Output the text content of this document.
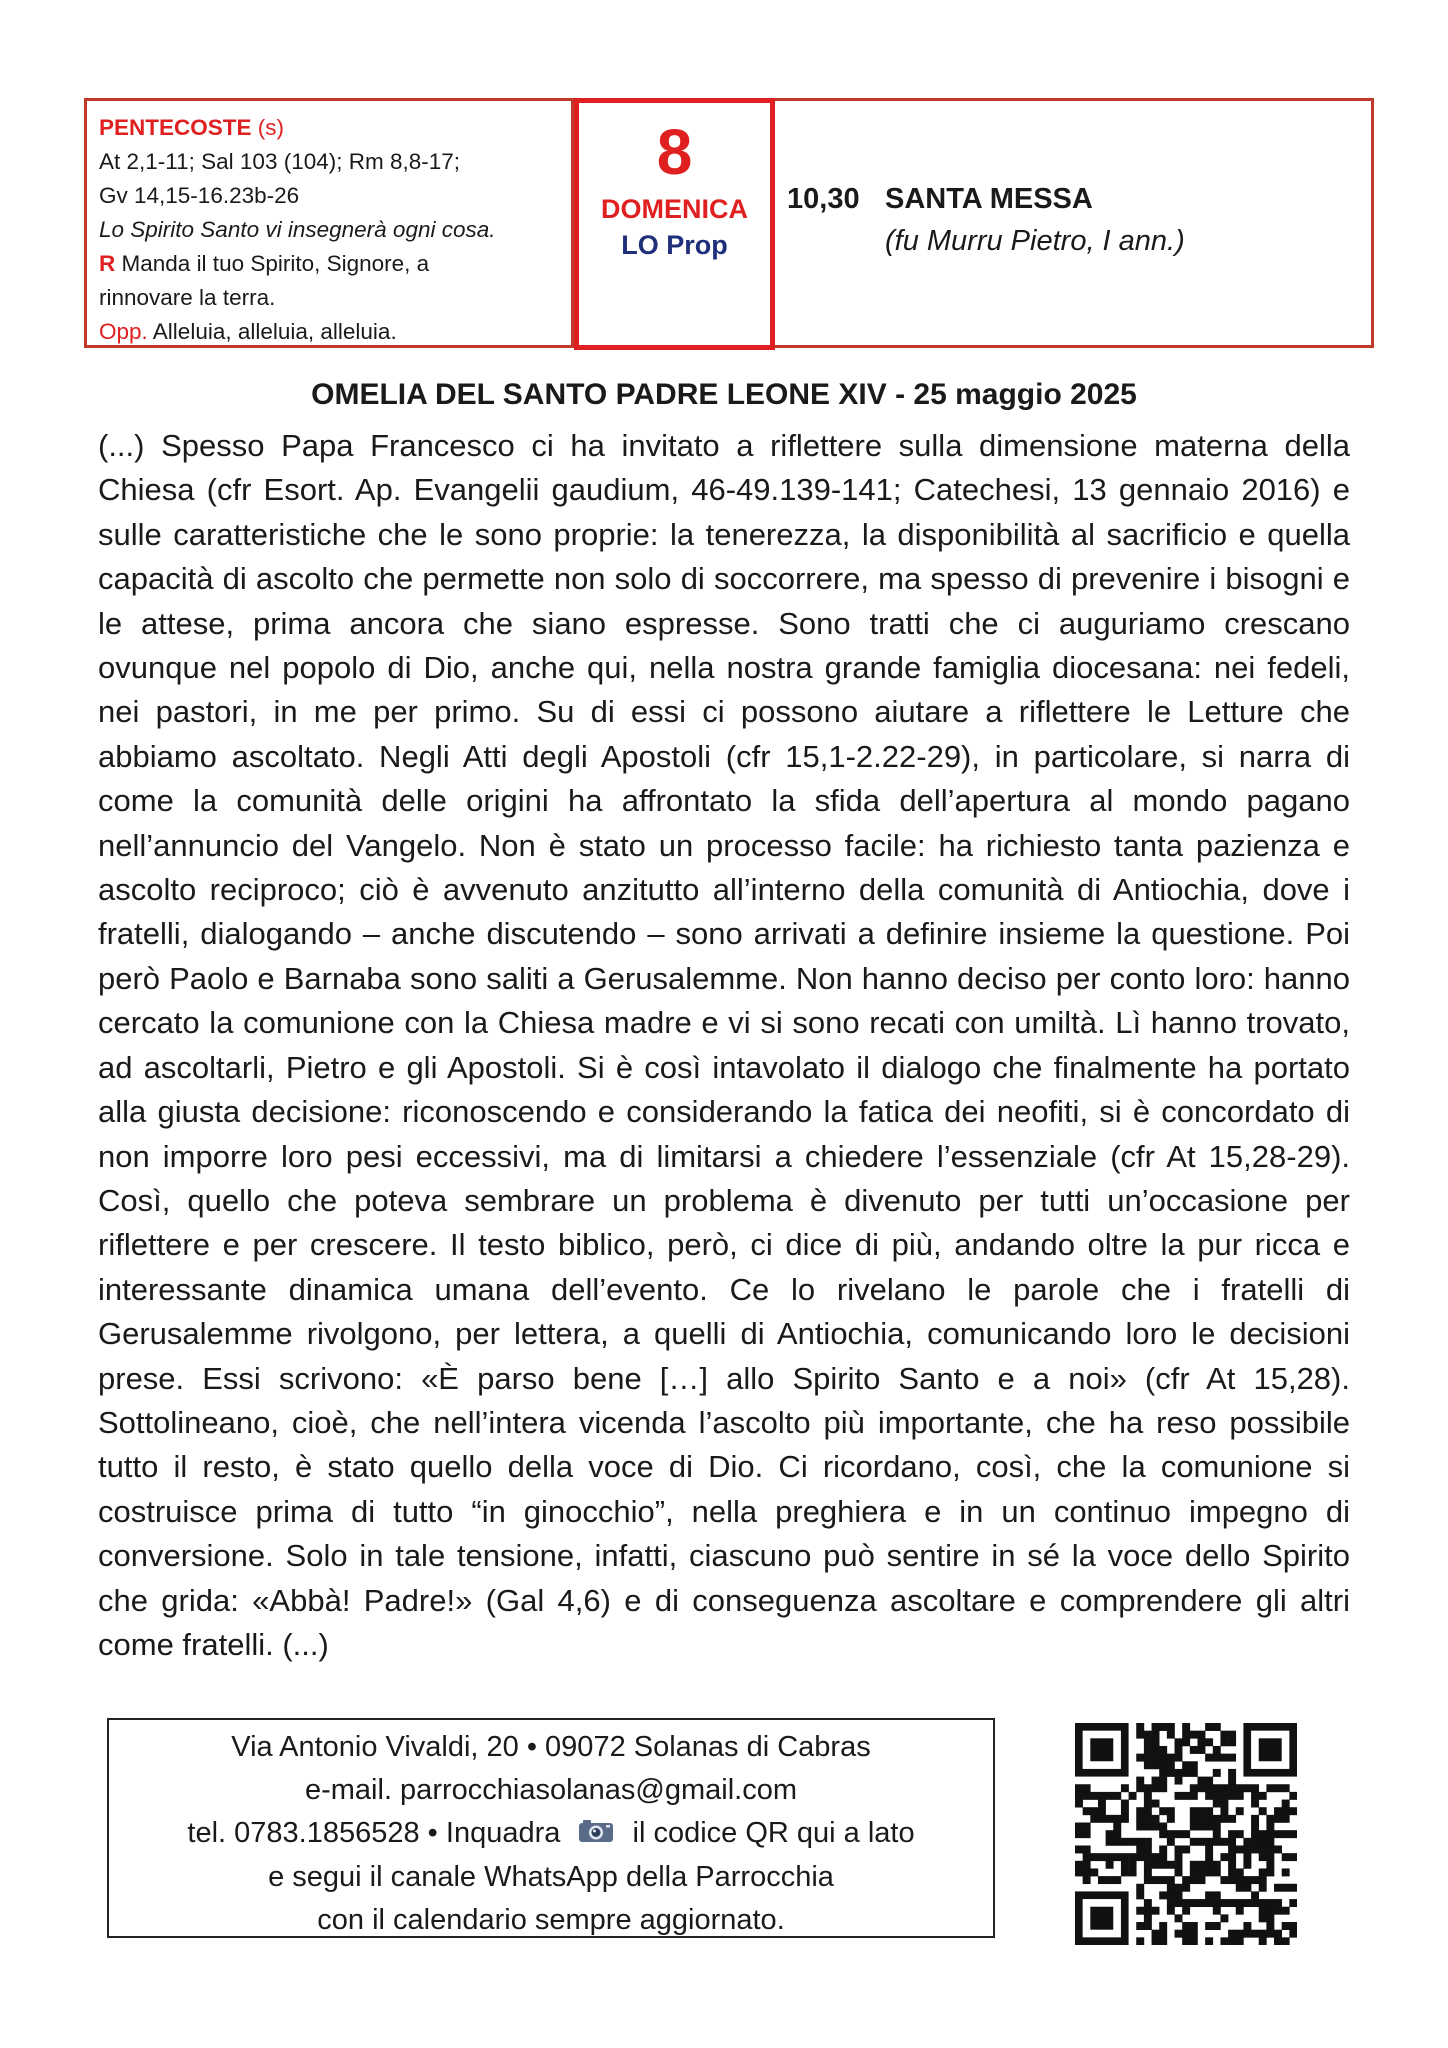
PENTECOSTE (s)
At 2,1-11; Sal 103 (104); Rm 8,8-17;
Gv 14,15-16.23b-26
Lo Spirito Santo vi insegnerà ogni cosa.
R Manda il tuo Spirito, Signore, a
rinnovare la terra.
Opp. Alleluia, alleluia, alleluia.
8
DOMENICA
LO Prop
10,30 SANTA MESSA
(fu Murru Pietro, I ann.)
OMELIA DEL SANTO PADRE LEONE XIV - 25 maggio 2025

(...) Spesso Papa Francesco ci ha invitato a riflettere sulla dimensione materna della Chiesa (cfr Esort. Ap. Evangelii gaudium, 46-49.139-141; Catechesi, 13 gennaio 2016) e sulle caratteristiche che le sono proprie: la tenerezza, la disponibilità al sacrificio e quella capacità di ascolto che permette non solo di soccorrere, ma spesso di prevenire i bisogni e le attese, prima ancora che siano espresse. Sono tratti che ci auguriamo crescano ovunque nel popolo di Dio, anche qui, nella nostra grande famiglia diocesana: nei fedeli, nei pastori, in me per primo. Su di essi ci possono aiutare a riflettere le Letture che abbiamo ascoltato. Negli Atti degli Apostoli (cfr 15,1-2.22-29), in particolare, si narra di come la comunità delle origini ha affrontato la sfida dell’apertura al mondo pagano nell’annuncio del Vangelo. Non è stato un processo facile: ha richiesto tanta pazienza e ascolto reciproco; ciò è avvenuto anzitutto all’interno della comunità di Antiochia, dove i fratelli, dialogando – anche discutendo – sono arrivati a definire insieme la questione. Poi però Paolo e Barnaba sono saliti a Gerusalemme. Non hanno deciso per conto loro: hanno cercato la comunione con la Chiesa madre e vi si sono recati con umiltà. Lì hanno trovato, ad ascoltarli, Pietro e gli Apostoli. Si è così intavolato il dialogo che finalmente ha portato alla giusta decisione: riconoscendo e considerando la fatica dei neofiti, si è concordato di non imporre loro pesi eccessivi, ma di limitarsi a chiedere l’essenziale (cfr At 15,28-29). Così, quello che poteva sembrare un problema è divenuto per tutti un’occasione per riflettere e per crescere. Il testo biblico, però, ci dice di più, andando oltre la pur ricca e interessante dinamica umana dell’evento. Ce lo rivelano le parole che i fratelli di Gerusalemme rivolgono, per lettera, a quelli di Antiochia, comunicando loro le decisioni prese. Essi scrivono: «È parso bene […] allo Spirito Santo e a noi» (cfr At 15,28). Sottolineano, cioè, che nell’intera vicenda l’ascolto più importante, che ha reso possibile tutto il resto, è stato quello della voce di Dio. Ci ricordano, così, che la comunione si costruisce prima di tutto “in ginocchio”, nella preghiera e in un continuo impegno di conversione. Solo in tale tensione, infatti, ciascuno può sentire in sé la voce dello Spirito che grida: «Abbà! Padre!» (Gal 4,6) e di conseguenza ascoltare e comprendere gli altri come fratelli. (...)

Via Antonio Vivaldi, 20 • 09072 Solanas di Cabras
e-mail. parrocchiasolanas@gmail.com
tel. 0783.1856528 • Inquadra il codice QR qui a lato
e segui il canale WhatsApp della Parrocchia
con il calendario sempre aggiornato.
